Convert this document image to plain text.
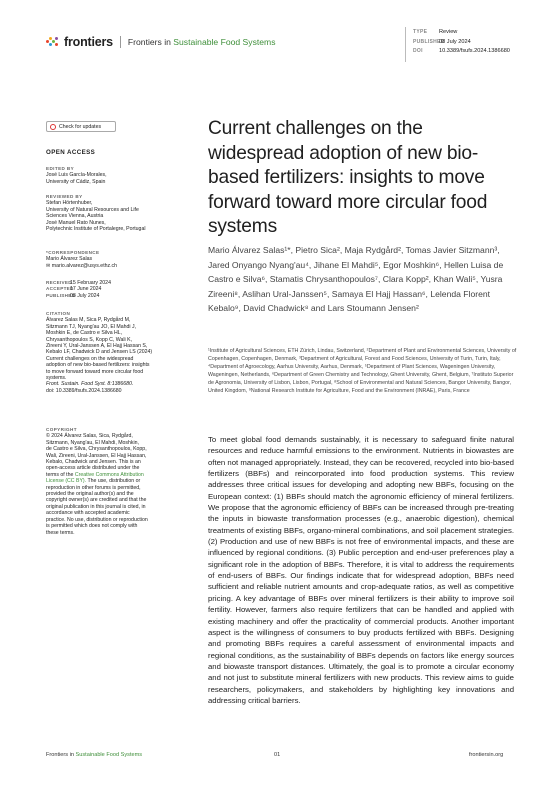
frontiers Frontiers in Sustainable Food Systems
TYPE Review
PUBLISHED08 July 2024
DOI	10.3389/fsufs.2024.1386680
Check for updates
OPEN ACCESS
EDITED BY

José Luis García-Morales,

University of Cádiz, Spain

REVIEWED BY

Stefan Hörtenhuber,

University of Natural Resources and Life

Sciences Vienna, Austria

José Manuel Rato Nunes,

Polytechnic Institute of Portalegre, Portugal

*CORRESPONDENCE

Mario Álvarez Salas

✉ mario.alvarez@usys.ethz.ch

RECEIVED15 February 2024

ACCEPTED17 June 2024

PUBLISHED08 July 2024

CITATION

Álvarez Salas M, Sica P, Rydgård M,

Sitzmann TJ, Nyang'au JO, El Mahdi J,

Moshkin E, de Castro e Silva HL,

Chrysanthopoulos S, Kopp C, Wali K,

Zireeni Y, Ural-Janssen A, El Hajj Hassan S,

Kebalo LF, Chadwick D and Jensen LS (2024)

Current challenges on the widespread

adoption of new bio-based fertilizers: insights

to move forward toward more circular food

systems.

Front. Sustain. Food Syst. 8:1386680.

doi: 10.3389/fsufs.2024.1386680

COPYRIGHT

© 2024 Álvarez Salas, Sica, Rydgård,

Sitzmann, Nyang'au, El Mahdi, Moshkin,

de Castro e Silva, Chrysanthopoulos, Kopp,

Wali, Zireeni, Ural-Janssen, El Hajj Hassan,

Kebalo, Chadwick and Jensen. This is an

open-access article distributed under the

terms of the Creative Commons Attribution

License (CC BY). The use, distribution or

reproduction in other forums is permitted,

provided the original author(s) and the

copyright owner(s) are credited and that the

original publication in this journal is cited, in

accordance with accepted academic

practice. No use, distribution or reproduction

is permitted which does not comply with

these terms.

Current challenges on the widespread adoption of new bio-based fertilizers: insights to move forward toward more circular food systems
Mario Álvarez Salas¹*, Pietro Sica², Maja Rydgård², Tomas Javier Sitzmann³, Jared Onyango Nyang'au⁴, Jihane El Mahdi⁵, Egor Moshkin⁶, Hellen Luisa de Castro e Silva⁶, Stamatis Chrysanthopoulos⁷, Clara Kopp², Khan Wali⁵, Yusra Zireeni⁸, Aslihan Ural-Janssen⁵, Samaya El Hajj Hassan⁶, Lelenda Florent Kebalo⁹, David Chadwick⁸ and Lars Stoumann Jensen²
¹Institute of Agricultural Sciences, ETH Zürich, Lindau, Switzerland, ²Department of Plant and Environmental Sciences, University of Copenhagen, Copenhagen, Denmark, ³Department of Agricultural, Forest and Food Sciences, University of Turin, Turin, Italy, ⁴Department of Agroecology, Aarhus University, Aarhus, Denmark, ⁵Department of Plant Sciences, Wageningen University, Wageningen, Netherlands, ⁶Department of Green Chemistry and Technology, Ghent University, Ghent, Belgium, ⁷Instituto Superior de Agronomia, University of Lisbon, Lisbon, Portugal, ⁸School of Environmental and Natural Sciences, Bangor University, Bangor, United Kingdom, ⁹National Research Institute for Agriculture, Food and the Environment (INRAE), Paris, France
To meet global food demands sustainably, it is necessary to safeguard finite natural resources and reduce harmful emissions to the environment. Nutrients in biowastes are often not managed appropriately. Instead, they can be recovered, recycled into bio-based fertilizers (BBFs) and reincorporated into food production systems. This review addresses three critical issues for developing and adopting new BBFs, focusing on the European context: (1) BBFs should match the agronomic efficiency of mineral fertilizers. We propose that the agronomic efficiency of BBFs can be increased through pre-treating the inputs in biowaste transformation processes (e.g., anaerobic digestion), chemical treatments of existing BBFs, organo-mineral combinations, and soil placement strategies. (2) Production and use of new BBFs is not free of environmental impacts, and these are influenced by regional conditions. (3) Public perception and end-user preferences play a significant role in the adoption of BBFs. Therefore, it is vital to address the requirements of end-users of BBFs. Our findings indicate that for widespread adoption, BBFs need sufficient and reliable nutrient amounts and crop-adequate ratios, as well as competitive pricing. A key advantage of BBFs over mineral fertilizers is their ability to improve soil fertility. However, farmers also require fertilizers that can be handled and applied with existing machinery and offer the practicality of commercial products. Another important aspect is the willingness of consumers to buy products fertilized with BBFs. Designing and promoting BBFs requires a careful assessment of environmental impacts and regional conditions, as the sustainability of BBFs depends on factors like energy sources and biowaste transport distances. Ultimately, the goal is to promote a circular economy and not just to substitute mineral fertilizers with new products. This review aims to guide researchers, policymakers, and stakeholders by highlighting key innovations and addressing critical barriers.
Frontiers in Sustainable Food Systems	01	frontiersin.org
